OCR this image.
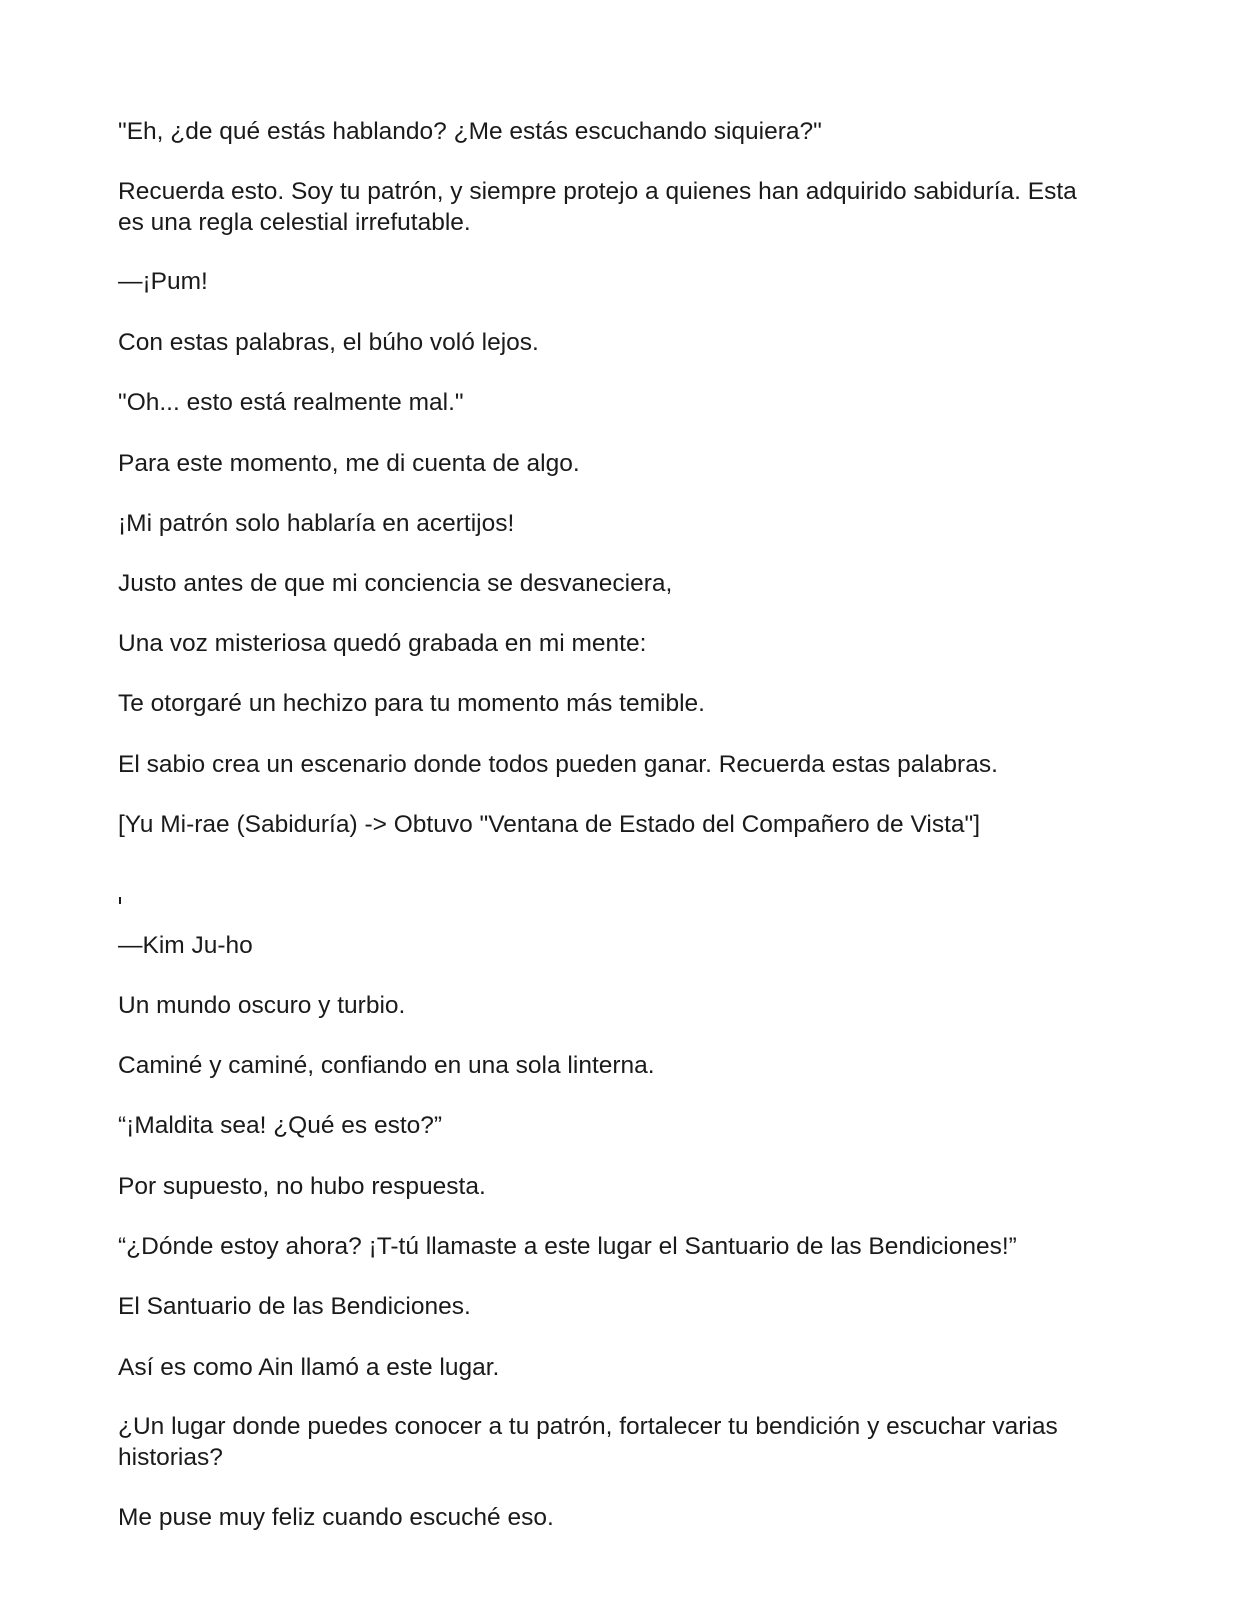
"Eh, ¿de qué estás hablando? ¿Me estás escuchando siquiera?"

Recuerda esto. Soy tu patrón, y siempre protejo a quienes han adquirido sabiduría. Esta es una regla celestial irrefutable.

—¡Pum!

Con estas palabras, el búho voló lejos.

"Oh... esto está realmente mal."

Para este momento, me di cuenta de algo.

¡Mi patrón solo hablaría en acertijos!

Justo antes de que mi conciencia se desvaneciera,

Una voz misteriosa quedó grabada en mi mente:

Te otorgaré un hechizo para tu momento más temible.

El sabio crea un escenario donde todos pueden ganar. Recuerda estas palabras.

[Yu Mi-rae (Sabiduría) -> Obtuvo "Ventana de Estado del Compañero de Vista"]

—Kim Ju-ho

Un mundo oscuro y turbio.

Caminé y caminé, confiando en una sola linterna.

“¡Maldita sea! ¿Qué es esto?”

Por supuesto, no hubo respuesta.

“¿Dónde estoy ahora? ¡T-tú llamaste a este lugar el Santuario de las Bendiciones!”

El Santuario de las Bendiciones.

Así es como Ain llamó a este lugar.

¿Un lugar donde puedes conocer a tu patrón, fortalecer tu bendición y escuchar varias historias?

Me puse muy feliz cuando escuché eso.
